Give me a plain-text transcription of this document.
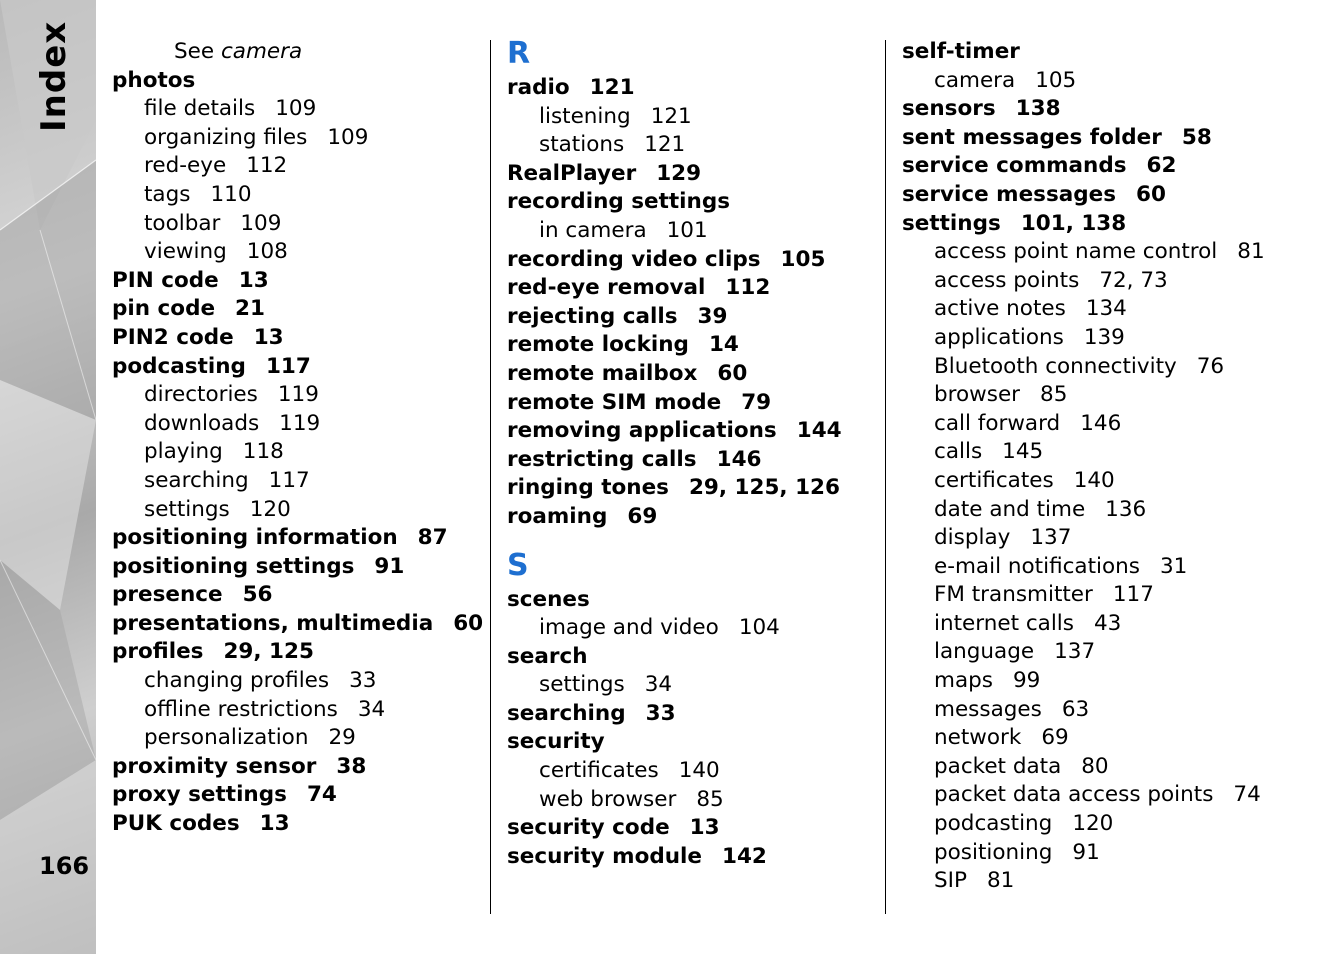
Index
166
See camera
photos
file details 109
organizing files 109
red-eye 112
tags 110
toolbar 109
viewing 108
PIN code 13
pin code 21
PIN2 code 13
podcasting 117
directories 119
downloads 119
playing 118
searching 117
settings 120
positioning information 87
positioning settings 91
presence 56
presentations, multimedia 60
profiles 29, 125
changing profiles 33
offline restrictions 34
personalization 29
proximity sensor 38
proxy settings 74
PUK codes 13
R
radio 121
listening 121
stations 121
RealPlayer 129
recording settings
in camera 101
recording video clips 105
red-eye removal 112
rejecting calls 39
remote locking 14
remote mailbox 60
remote SIM mode 79
removing applications 144
restricting calls 146
ringing tones 29, 125, 126
roaming 69
S
scenes
image and video 104
search
settings 34
searching 33
security
certificates 140
web browser 85
security code 13
security module 142
self-timer
camera 105
sensors 138
sent messages folder 58
service commands 62
service messages 60
settings 101, 138
access point name control 81
access points 72, 73
active notes 134
applications 139
Bluetooth connectivity 76
browser 85
call forward 146
calls 145
certificates 140
date and time 136
display 137
e-mail notifications 31
FM transmitter 117
internet calls 43
language 137
maps 99
messages 63
network 69
packet data 80
packet data access points 74
podcasting 120
positioning 91
SIP 81
